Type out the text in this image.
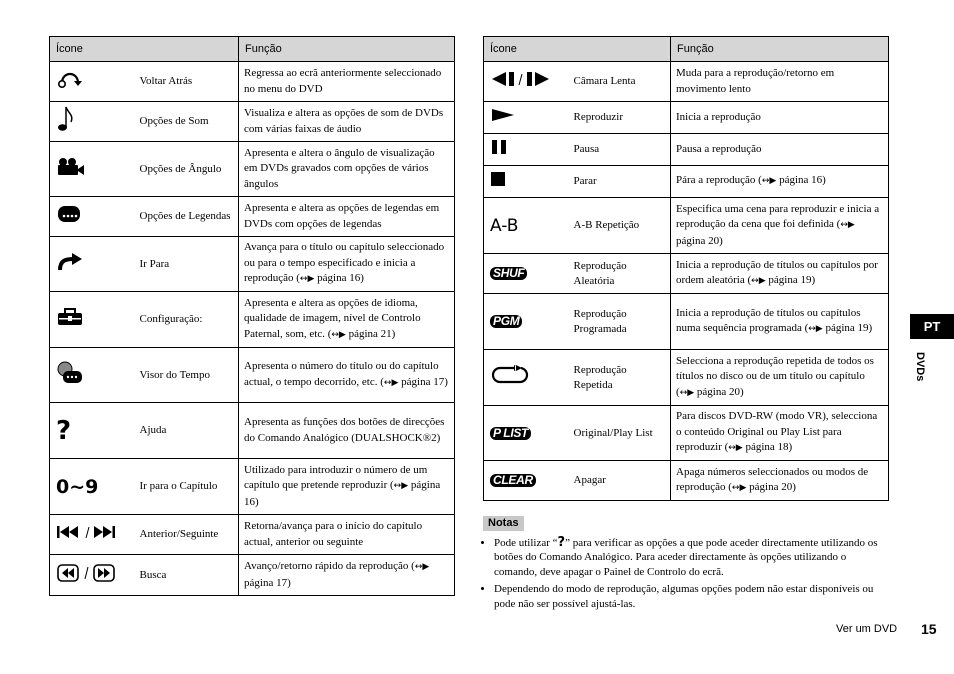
Ícone		Função

	Voltar Atrás	Regressa ao ecrã anteriormente seleccionado no menu do DVD

	Opções de Som	Visualiza e altera as opções de som de DVDs com várias faixas de áudio

	Opções de Ângulo	Apresenta e altera o ângulo de visualização em DVDs gravados com opções de vários ângulos

	Opções de Legendas	Apresenta e altera as opções de legendas em DVDs com opções de legendas

	Ir Para	Avança para o título ou capítulo seleccionado ou para o tempo especificado e inicia a reprodução (↔▶ página 16)

	Configuração:	Apresenta e altera as opções de idioma, qualidade de imagem, nível de Controlo Paternal, som, etc. (↔▶ página 21)

	Visor do Tempo	Apresenta o número do título ou do capítulo actual, o tempo decorrido, etc. (↔▶ página 17)

?	Ajuda	Apresenta as funções dos botões de direcções do Comando Analógico (DUALSHOCK®2)

0~9	Ir para o Capítulo	Utilizado para introduzir o número de um capítulo que pretende reproduzir (↔▶ página 16)

	Anterior/Seguinte	Retorna/avança para o início do capítulo actual, anterior ou seguinte

	Busca	Avanço/retorno rápido da reprodução (↔▶ página 17)
Ícone		Função

	Câmara Lenta	Muda para a reprodução/retorno em movimento lento

	Reproduzir	Inicia a reprodução

	Pausa	Pausa a reprodução

	Parar	Pára a reprodução (↔▶ página 16)

A-B	A-B Repetição	Especifica uma cena para reproduzir e inicia a reprodução da cena que foi definida (↔▶ página 20)

SHUF	Reprodução Aleatória	Inicia a reprodução de títulos ou capítulos por ordem aleatória (↔▶ página 19)

PGM	Reprodução Programada	Inicia a reprodução de títulos ou capítulos numa sequência programada (↔▶ página 19)

	Reprodução Repetida	Selecciona a reprodução repetida de todos os títulos no disco ou de um título ou capítulo (↔▶ página 20)

P LIST	Original/Play List	Para discos DVD-RW (modo VR), selecciona o conteúdo Original ou Play List para reproduzir (↔▶ página 18)

CLEAR	Apagar	Apaga números seleccionados ou modos de reprodução (↔▶ página 20)
Notas
• Pode utilizar “?” para verificar as opções a que pode aceder directamente utilizando os botões do Comando Analógico. Para aceder directamente às opções utilizando o comando, deve apagar o Painel de Controlo do ecrã.
• Dependendo do modo de reprodução, algumas opções podem não estar disponíveis ou pode não ser possível ajustá-las.
PT
DVDs
Ver um DVD 15
